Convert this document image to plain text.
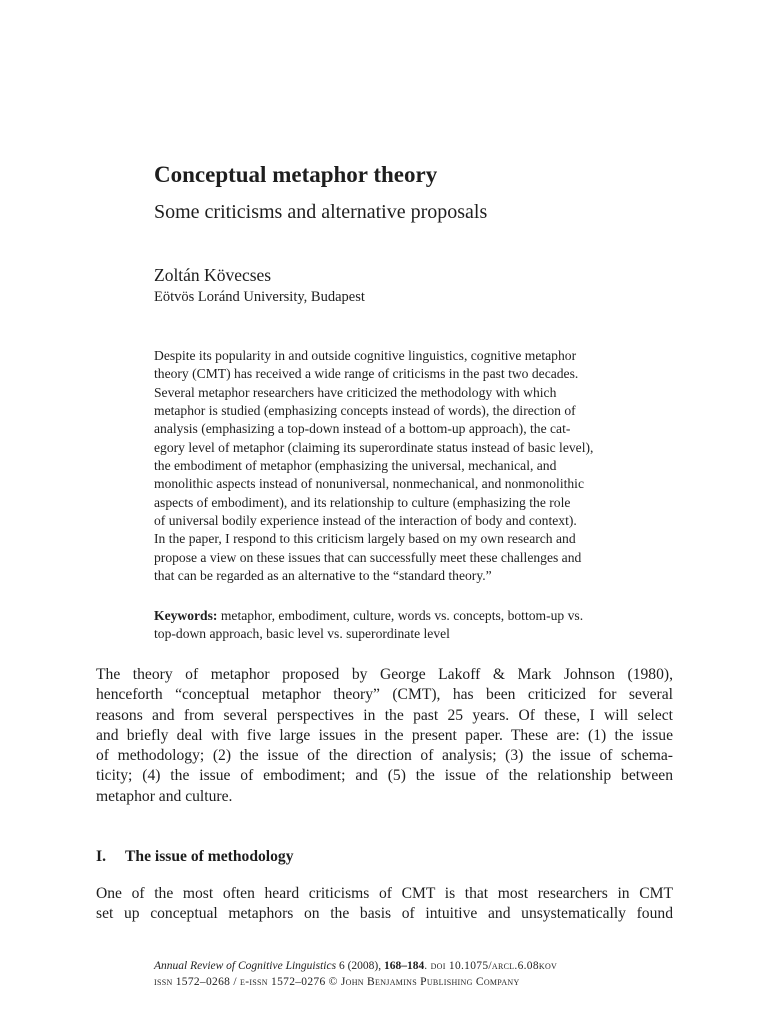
Conceptual metaphor theory
Some criticisms and alternative proposals
Zoltán Kövecses
Eötvös Loránd University, Budapest
Despite its popularity in and outside cognitive linguistics, cognitive metaphor
theory (CMT) has received a wide range of criticisms in the past two decades.
Several metaphor researchers have criticized the methodology with which
metaphor is studied (emphasizing concepts instead of words), the direction of
analysis (emphasizing a top-down instead of a bottom-up approach), the cat-
egory level of metaphor (claiming its superordinate status instead of basic level),
the embodiment of metaphor (emphasizing the universal, mechanical, and
monolithic aspects instead of nonuniversal, nonmechanical, and nonmonolithic
aspects of embodiment), and its relationship to culture (emphasizing the role
of universal bodily experience instead of the interaction of body and context).
In the paper, I respond to this criticism largely based on my own research and
propose a view on these issues that can successfully meet these challenges and
that can be regarded as an alternative to the “standard theory.”
Keywords: metaphor, embodiment, culture, words vs. concepts, bottom-up vs.
top-down approach, basic level vs. superordinate level
The theory of metaphor proposed by George Lakoff & Mark Johnson (1980),
henceforth “conceptual metaphor theory” (CMT), has been criticized for several
reasons and from several perspectives in the past 25 years. Of these, I will select
and briefly deal with five large issues in the present paper. These are: (1) the issue
of methodology; (2) the issue of the direction of analysis; (3) the issue of schema-
ticity; (4) the issue of embodiment; and (5) the issue of the relationship between
metaphor and culture.
I. The issue of methodology
One of the most often heard criticisms of CMT is that most researchers in CMT
set up conceptual metaphors on the basis of intuitive and unsystematically found
Annual Review of Cognitive Linguistics 6 (2008), 168–184. doi 10.1075/arcl.6.08kov
issn 1572–0268 / e-issn 1572–0276 © John Benjamins Publishing Company
